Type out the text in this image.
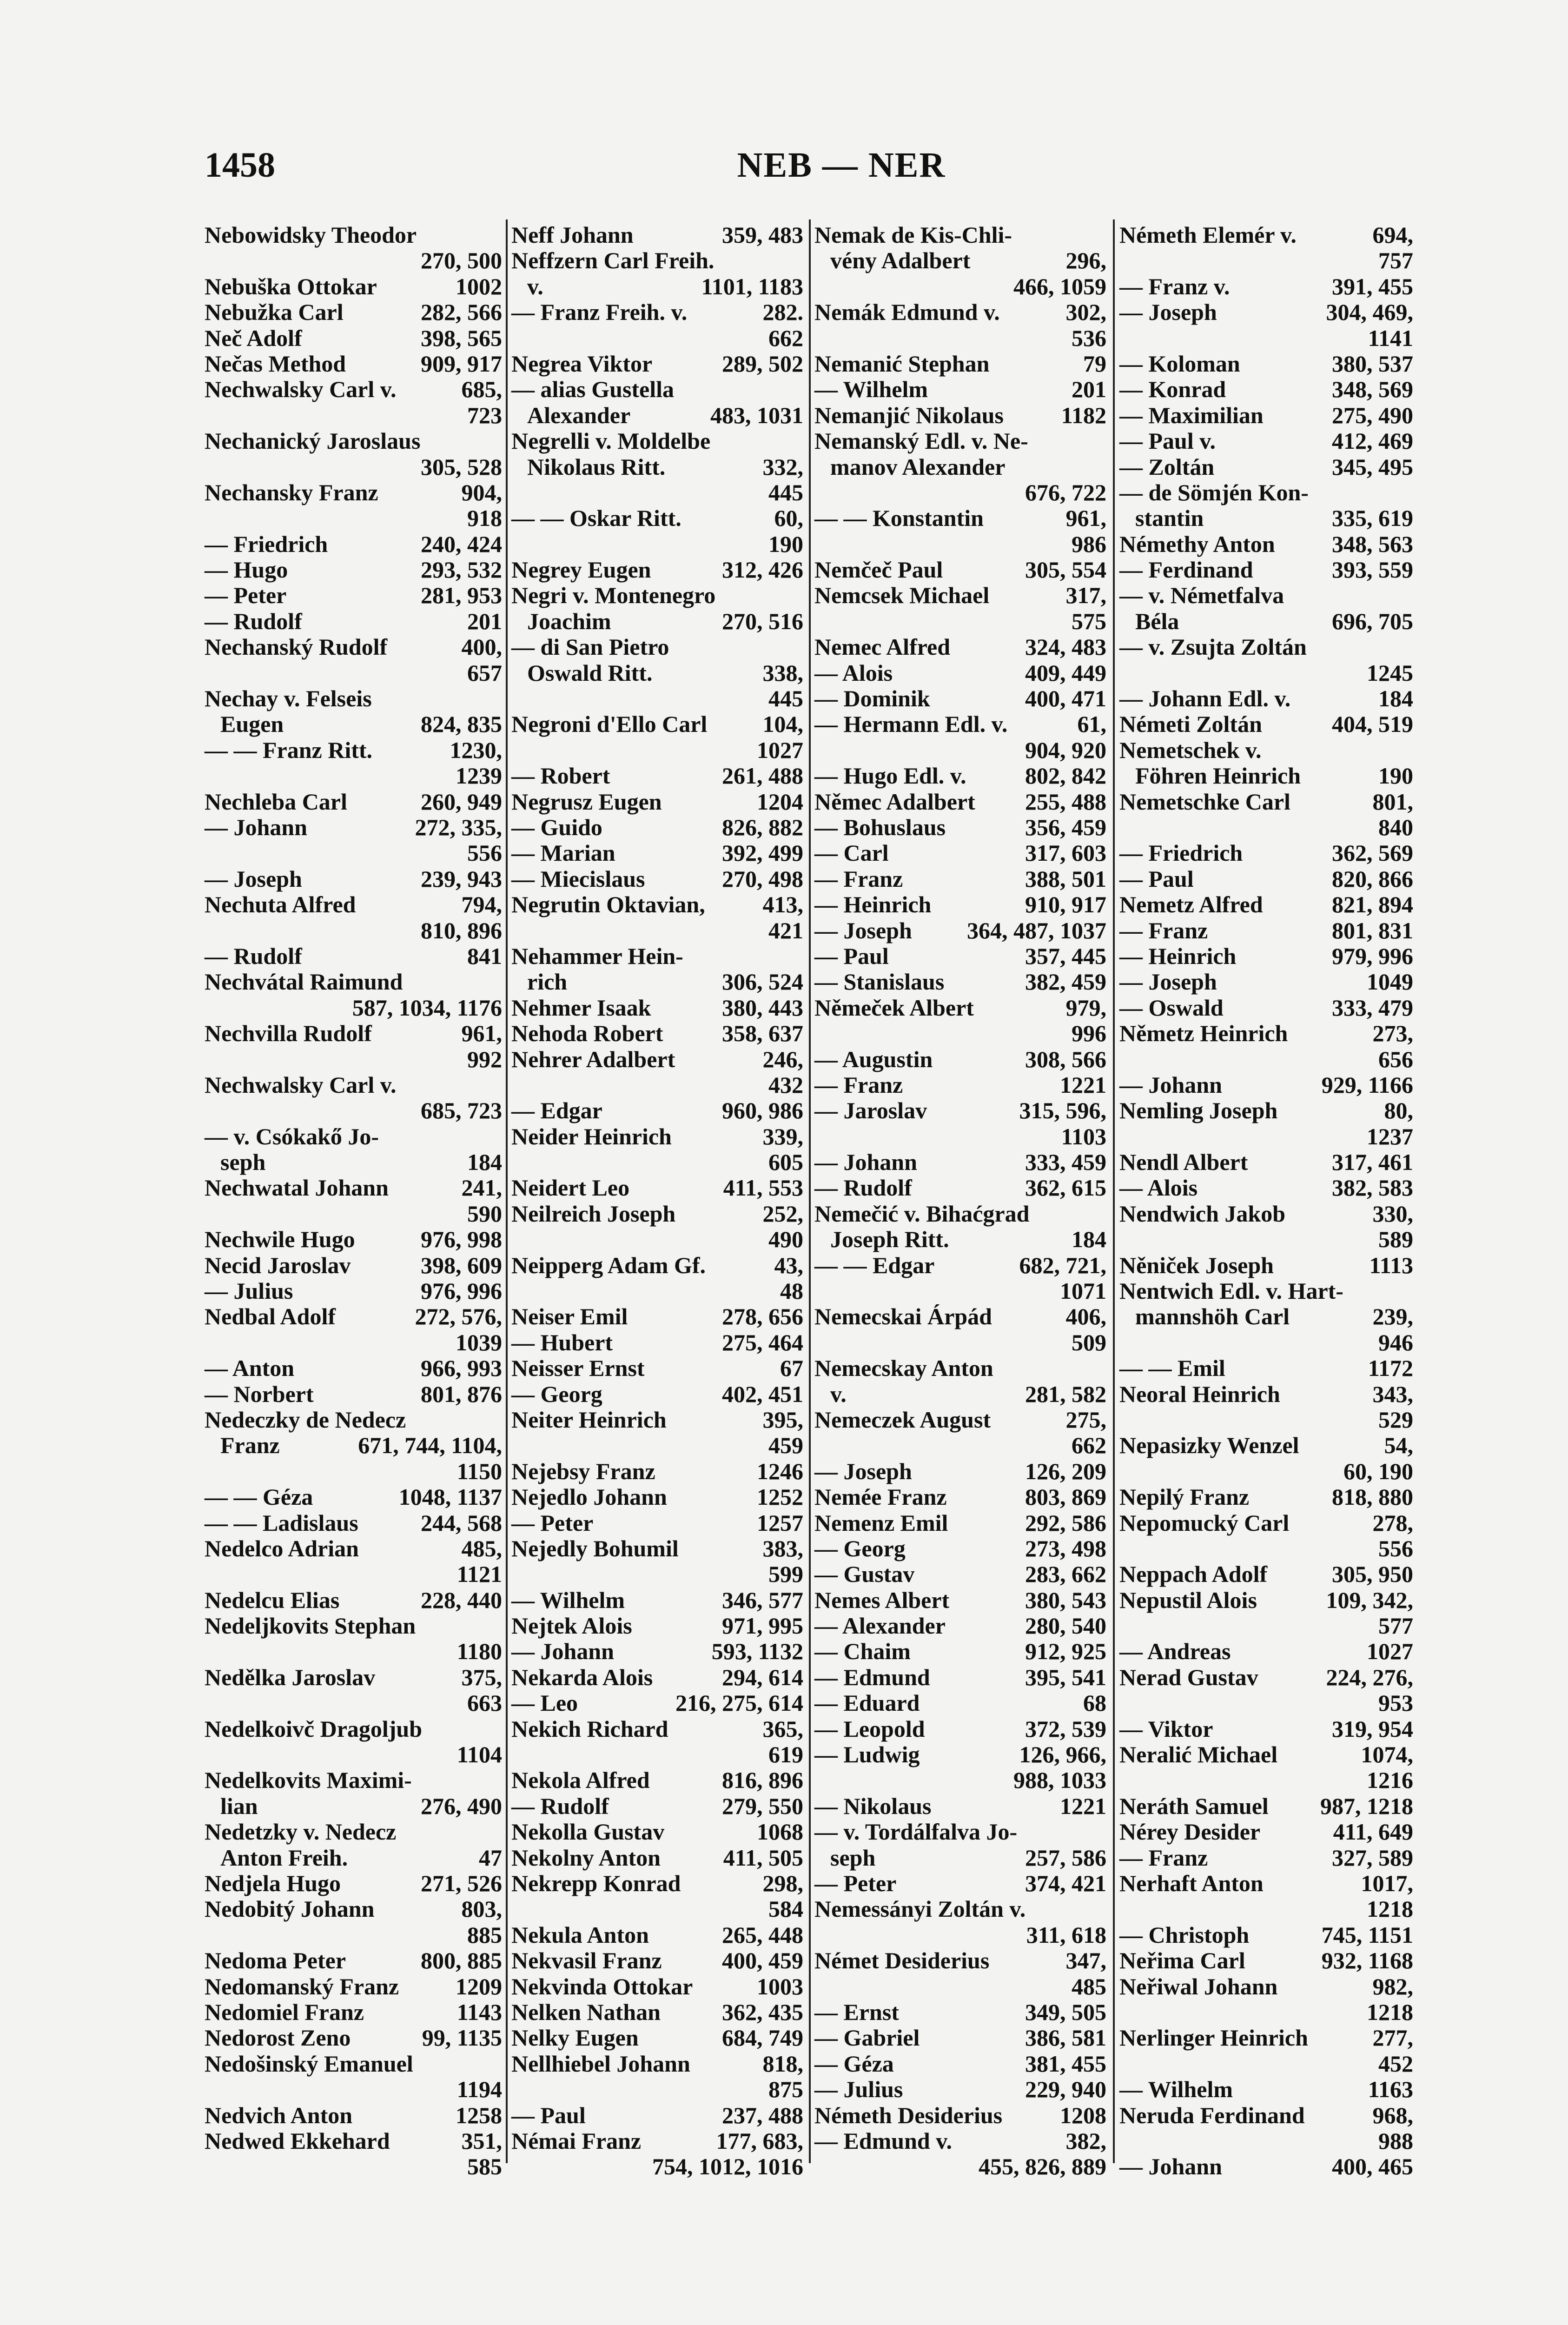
1458	NEB — NER
Nebowidsky Theodor
270, 500
Nebuška Ottokar	1002
Nebužka Carl	282, 566
Neč Adolf	398, 565
Nečas Method	909, 917
Nechwalsky Carl v.	685,
723
Nechanický Jaroslaus
305, 528
Nechansky Franz	904,
918
— Friedrich	240, 424
— Hugo	293, 532
— Peter	281, 953
— Rudolf	201
Nechanský Rudolf	400,
657
Nechay v. Felseis
Eugen	824, 835
— — Franz Ritt.	1230,
1239
Nechleba Carl	260, 949
— Johann	272, 335,
556
— Joseph	239, 943
Nechuta Alfred	794,
810, 896
— Rudolf	841
Nechvátal Raimund
587, 1034, 1176
Nechvilla Rudolf	961,
992
Nechwalsky Carl v.
685, 723
— v. Csókakő Jo-
seph	184
Nechwatal Johann	241,
590
Nechwile Hugo	976, 998
Necid Jaroslav	398, 609
— Julius	976, 996
Nedbal Adolf	272, 576,
1039
— Anton	966, 993
— Norbert	801, 876
Nedeczky de Nedecz
Franz	671, 744, 1104,
1150
— — Géza	1048, 1137
— — Ladislaus	244, 568
Nedelco Adrian	485,
1121
Nedelcu Elias	228, 440
Nedeljkovits Stephan
1180
Nedělka Jaroslav	375,
663
Nedelkoivč Dragoljub
1104
Nedelkovits Maximi-
lian	276, 490
Nedetzky v. Nedecz
Anton Freih.	47
Nedjela Hugo	271, 526
Nedobitý Johann	803,
885
Nedoma Peter	800, 885
Nedomanský Franz 1209
Nedomiel Franz	1143
Nedorost Zeno	99, 1135
Nedošinský Emanuel
1194
Nedvich Anton	1258
Nedwed Ekkehard	351,
585
Neff Johann	359, 483
Neffzern Carl Freih.
v.	1101, 1183
— Franz Freih. v.	282.
662
Negrea Viktor	289, 502
— alias Gustella
Alexander	483, 1031
Negrelli v. Moldelbe
Nikolaus Ritt.	332,
445
— — Oskar Ritt.	60,
190
Negrey Eugen	312, 426
Negri v. Montenegro
Joachim	270, 516
— di San Pietro
Oswald Ritt.	338,
445
Negroni d'Ello Carl 104,
1027
— Robert	261, 488
Negrusz Eugen	1204
— Guido	826, 882
— Marian	392, 499
— Miecislaus	270, 498
Negrutin Oktavian, 413,
421
Nehammer Hein-
rich	306, 524
Nehmer Isaak	380, 443
Nehoda Robert	358, 637
Nehrer Adalbert	246,
432
— Edgar	960, 986
Neider Heinrich	339,
605
Neidert Leo	411, 553
Neilreich Joseph	252,
490
Neipperg Adam Gf.	43,
48
Neiser Emil	278, 656
— Hubert	275, 464
Neisser Ernst	67
— Georg	402, 451
Neiter Heinrich	395,
459
Nejebsy Franz	1246
Nejedlo Johann	1252
— Peter	1257
Nejedly Bohumil	383,
599
— Wilhelm	346, 577
Nejtek Alois	971, 995
— Johann	593, 1132
Nekarda Alois	294, 614
— Leo	216, 275, 614
Nekich Richard	365,
619
Nekola Alfred	816, 896
— Rudolf	279, 550
Nekolla Gustav	1068
Nekolny Anton	411, 505
Nekrepp Konrad	298,
584
Nekula Anton	265, 448
Nekvasil Franz	400, 459
Nekvinda Ottokar	1003
Nelken Nathan	362, 435
Nelky Eugen	684, 749
Nellhiebel Johann	818,
875
— Paul	237, 488
Némai Franz	177, 683,
754, 1012, 1016
Nemak de Kis-Chli-
vény Adalbert	296,
466, 1059
Nemák Edmund v.	302,
536
Nemanić Stephan	79
— Wilhelm	201
Nemanjić Nikolaus 1182
Nemanský Edl. v. Ne-
manov Alexander
676, 722
— — Konstantin	961,
986
Nemčeč Paul	305, 554
Nemcsek Michael	317,
575
Nemec Alfred	324, 483
— Alois	409, 449
— Dominik	400, 471
— Hermann Edl. v.	61,
904, 920
— Hugo Edl. v.	802, 842
Němec Adalbert 255, 488
— Bohuslaus	356, 459
— Carl	317, 603
— Franz	388, 501
— Heinrich	910, 917
— Joseph 364, 487, 1037
— Paul	357, 445
— Stanislaus	382, 459
Němeček Albert	979,
996
— Augustin	308, 566
— Franz	1221
— Jaroslav	315, 596,
1103
— Johann	333, 459
— Rudolf	362, 615
Nemečić v. Bihaćgrad
Joseph Ritt.	184
— — Edgar	682, 721,
1071
Nemecskai Árpád	406,
509
Nemecskay Anton
v.	281, 582
Nemeczek August	275,
662
— Joseph	126, 209
Nemée Franz	803, 869
Nemenz Emil	292, 586
— Georg	273, 498
— Gustav	283, 662
Nemes Albert	380, 543
— Alexander	280, 540
— Chaim	912, 925
— Edmund	395, 541
— Eduard	68
— Leopold	372, 539
— Ludwig	126, 966,
988, 1033
— Nikolaus	1221
— v. Tordálfalva Jo-
seph	257, 586
— Peter	374, 421
Nemessányi Zoltán v.
311, 618
Német Desiderius	347,
485
— Ernst	349, 505
— Gabriel	386, 581
— Géza	381, 455
— Julius	229, 940
Németh Desiderius 1208
— Edmund v.	382,
455, 826, 889
Németh Elemér v.	694,
757
— Franz v.	391, 455
— Joseph	304, 469,
1141
— Koloman	380, 537
— Konrad	348, 569
— Maximilian	275, 490
— Paul v.	412, 469
— Zoltán	345, 495
— de Sömjén Kon-
stantin	335, 619
Némethy Anton 348, 563
— Ferdinand	393, 559
— v. Németfalva
Béla	696, 705
— v. Zsujta Zoltán
1245
— Johann Edl. v.	184
Németi Zoltán	404, 519
Nemetschek v.
Föhren Heinrich	190
Nemetschke Carl	801,
840
— Friedrich	362, 569
— Paul	820, 866
Nemetz Alfred	821, 894
— Franz	801, 831
— Heinrich	979, 996
— Joseph	1049
— Oswald	333, 479
Němetz Heinrich	273,
656
— Johann	929, 1166
Nemling Joseph	80,
1237
Nendl Albert	317, 461
— Alois	382, 583
Nendwich Jakob	330,
589
Něniček Joseph	1113
Nentwich Edl. v. Hart-
mannshöh Carl	239,
946
— — Emil	1172
Neoral Heinrich	343,
529
Nepasizky Wenzel	54,
60, 190
Nepilý Franz	818, 880
Nepomucký Carl	278,
556
Neppach Adolf	305, 950
Nepustil Alois	109, 342,
577
— Andreas	1027
Nerad Gustav	224, 276,
953
— Viktor	319, 954
Neralić Michael	1074,
1216
Neráth Samuel 987, 1218
Nérey Desider	411, 649
— Franz	327, 589
Nerhaft Anton	1017,
1218
— Christoph	745, 1151
Neřima Carl	932, 1168
Neřiwal Johann	982,
1218
Nerlinger Heinrich	277,
452
— Wilhelm	1163
Neruda Ferdinand	968,
988
— Johann	400, 465
